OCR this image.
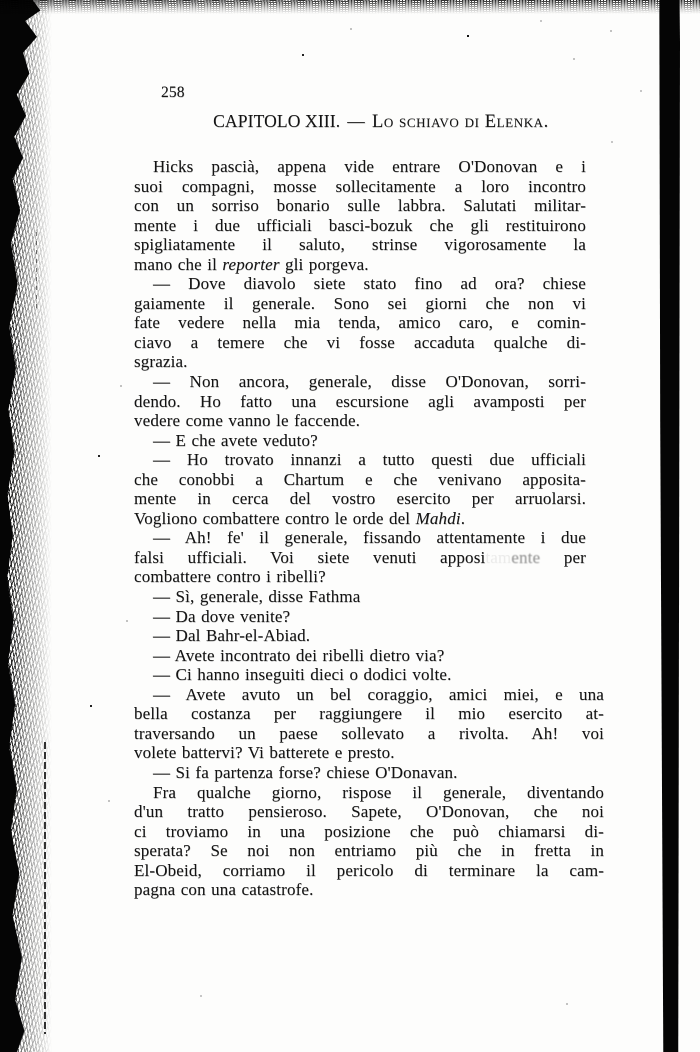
258
CAPITOLO XIII. — Lo schiavo di Elenka.
Hicks pascià, appena vide entrare O'Donovan e i
suoi compagni, mosse sollecitamente a loro incontro
con un sorriso bonario sulle labbra. Salutati militar-
mente i due ufficiali basci-bozuk che gli restituirono
spigliatamente il saluto, strinse vigorosamente la
mano che il reporter gli porgeva.
— Dove diavolo siete stato fino ad ora? chiese
gaiamente il generale. Sono sei giorni che non vi
fate vedere nella mia tenda, amico caro, e comin-
ciavo a temere che vi fosse accaduta qualche di-
sgrazia.
— Non ancora, generale, disse O'Donovan, sorri-
dendo. Ho fatto una escursione agli avamposti per
vedere come vanno le faccende.
— E che avete veduto?
— Ho trovato innanzi a tutto questi due ufficiali
che conobbi a Chartum e che venivano apposita-
mente in cerca del vostro esercito per arruolarsi.
Vogliono combattere contro le orde del Mahdi.
— Ah! fe' il generale, fissando attentamente i due
falsi ufficiali. Voi siete venuti appositamente per
combattere contro i ribelli?
— Sì, generale, disse Fathma
— Da dove venite?
— Dal Bahr-el-Abiad.
— Avete incontrato dei ribelli dietro via?
— Ci hanno inseguiti dieci o dodici volte.
— Avete avuto un bel coraggio, amici miei, e una
bella costanza per raggiungere il mio esercito at-
traversando un paese sollevato a rivolta. Ah! voi
volete battervi? Vi batterete e presto.
— Si fa partenza forse? chiese O'Donavan.
Fra qualche giorno, rispose il generale, diventando
d'un tratto pensieroso. Sapete, O'Donovan, che noi
ci troviamo in una posizione che può chiamarsi di-
sperata? Se noi non entriamo più che in fretta in
El-Obeid, corriamo il pericolo di terminare la cam-
pagna con una catastrofe.
